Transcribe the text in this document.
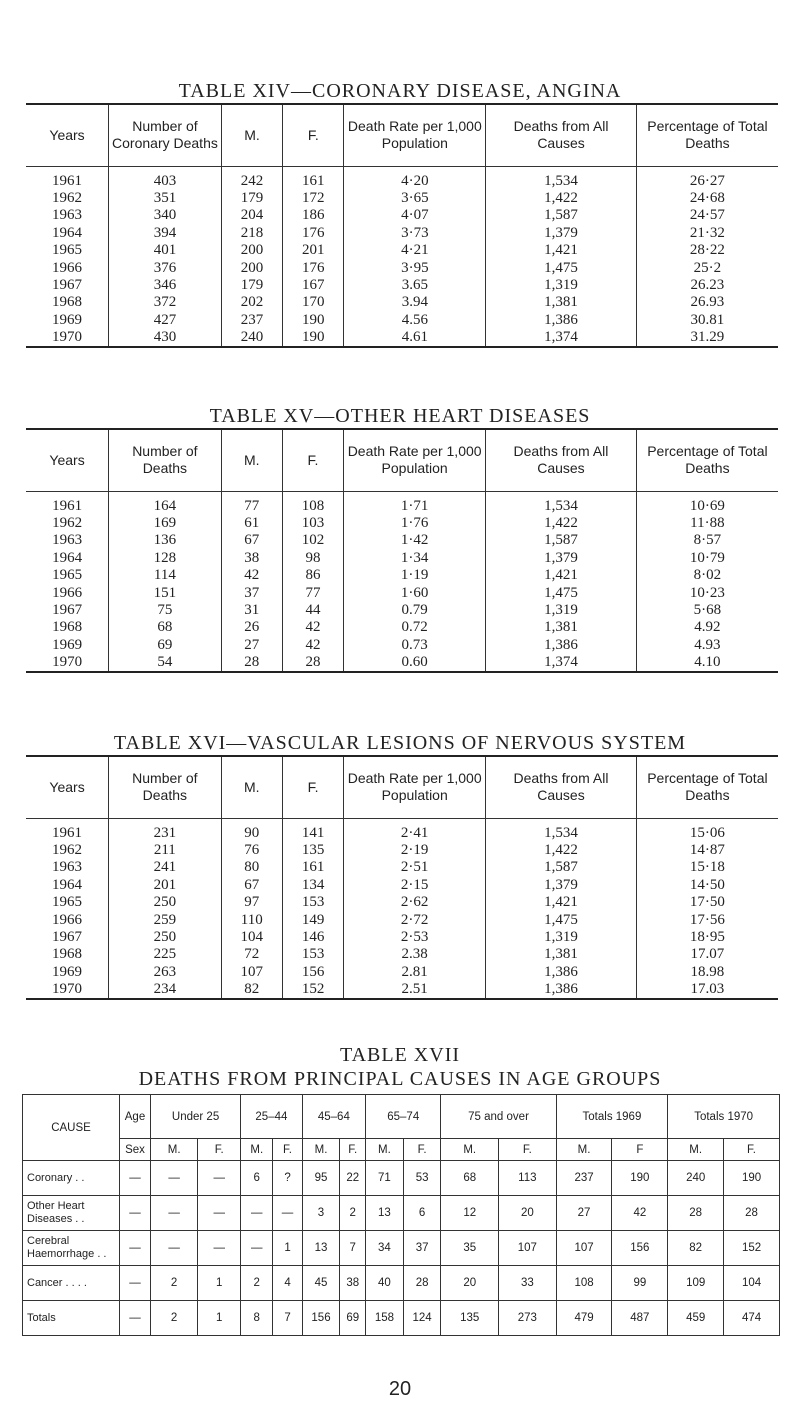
TABLE XIV—CORONARY DISEASE, ANGINA
Years	Number of Coronary Deaths	M.	F.	Death Rate per 1,000 Population	Deaths from All Causes	Percentage of Total Deaths
1961	403	242	161	4·20	1,534	26·27
1962	351	179	172	3·65	1,422	24·68
1963	340	204	186	4·07	1,587	24·57
1964	394	218	176	3·73	1,379	21·32
1965	401	200	201	4·21	1,421	28·22
1966	376	200	176	3·95	1,475	25·2
1967	346	179	167	3.65	1,319	26.23
1968	372	202	170	3.94	1,381	26.93
1969	427	237	190	4.56	1,386	30.81
1970	430	240	190	4.61	1,374	31.29
TABLE XV—OTHER HEART DISEASES
Years	Number of Deaths	M.	F.	Death Rate per 1,000 Population	Deaths from All Causes	Percentage of Total Deaths
1961	164	77	108	1·71	1,534	10·69
1962	169	61	103	1·76	1,422	11·88
1963	136	67	102	1·42	1,587	8·57
1964	128	38	98	1·34	1,379	10·79
1965	114	42	86	1·19	1,421	8·02
1966	151	37	77	1·60	1,475	10·23
1967	75	31	44	0.79	1,319	5·68
1968	68	26	42	0.72	1,381	4.92
1969	69	27	42	0.73	1,386	4.93
1970	54	28	28	0.60	1,374	4.10
TABLE XVI—VASCULAR LESIONS OF NERVOUS SYSTEM
Years	Number of Deaths	M.	F.	Death Rate per 1,000 Population	Deaths from All Causes	Percentage of Total Deaths
1961	231	90	141	2·41	1,534	15·06
1962	211	76	135	2·19	1,422	14·87
1963	241	80	161	2·51	1,587	15·18
1964	201	67	134	2·15	1,379	14·50
1965	250	97	153	2·62	1,421	17·50
1966	259	110	149	2·72	1,475	17·56
1967	250	104	146	2·53	1,319	18·95
1968	225	72	153	2.38	1,381	17.07
1969	263	107	156	2.81	1,386	18.98
1970	234	82	152	2.51	1,386	17.03
TABLE XVII
DEATHS FROM PRINCIPAL CAUSES IN AGE GROUPS
CAUSE	Age	Under 25		25–44		45–64		65–74		75 and over		Totals 1969		Totals 1970	
	Sex	M.	F.	M.	F.	M.	F.	M.	F.	M.	F.	M.	F	M.	F.
Coronary . .	—	—	—	6	?	95	22	71	53	68	113	237	190	240	190
Other Heart Diseases . .	—	—	—	—	—	3	2	13	6	12	20	27	42	28	28
Cerebral Haemorrhage . .	—	—	—	—	1	13	7	34	37	35	107	107	156	82	152
Cancer . . . .	—	2	1	2	4	45	38	40	28	20	33	108	99	109	104
Totals	—	2	1	8	7	156	69	158	124	135	273	479	487	459	474
20
